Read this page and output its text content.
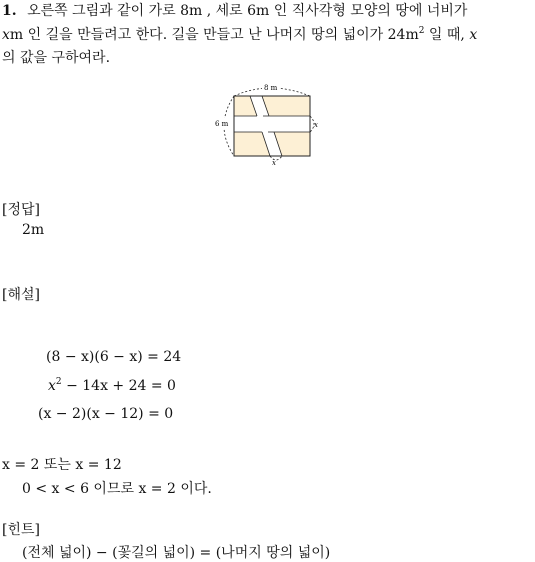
1. 오른쪽 그림과 같이 가로 8m , 세로 6m 인 직사각형 모양의 땅에 너비가
xm 인 길을 만들려고 한다. 길을 만들고 난 나머지 땅의 넓이가 $24m^2$ 일 때, x
의 값을 구하여라.
8 m
6 m	x
x
[정답]
2m
[해설]
(8 − x)(6 − x) = 24
$x^2 - 14x + 24 = 0$
(x − 2)(x − 12) = 0
x = 2 또는 x = 12
0 < x < 6 이므로 x = 2 이다.
[힌트]
(전체 넓이) − (꽃길의 넓이) = (나머지 땅의 넓이)
